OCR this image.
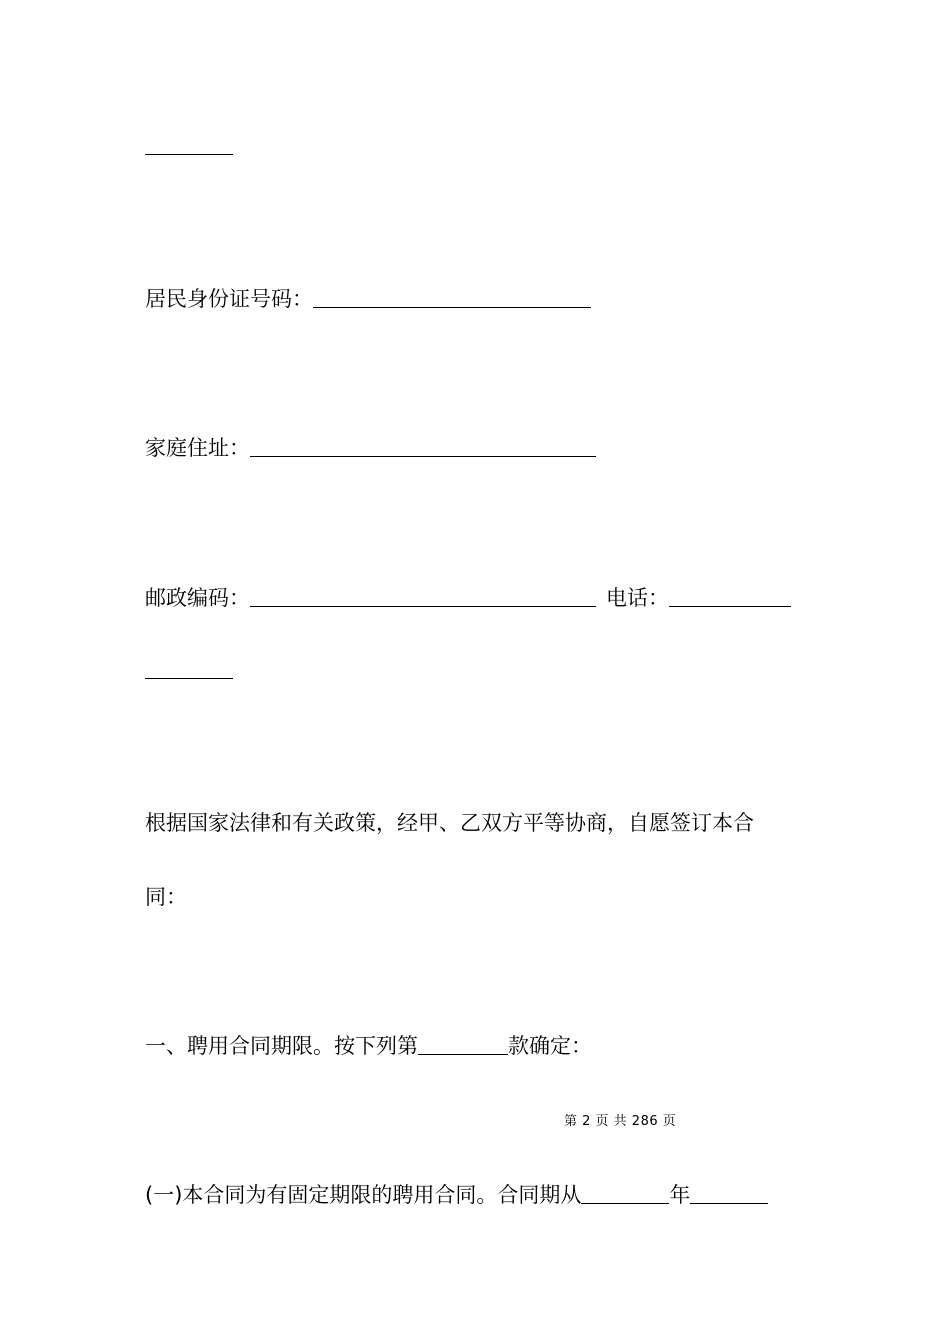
居民身份证号码：
家庭住址：
邮政编码：	电话：
根据国家法律和有关政策，经甲、乙双方平等协商，自愿签订本合
同：
一、聘用合同期限。按下列第	款确定：
第 2 页 共 286 页
(一)本合同为有固定期限的聘用合同。合同期从	年
